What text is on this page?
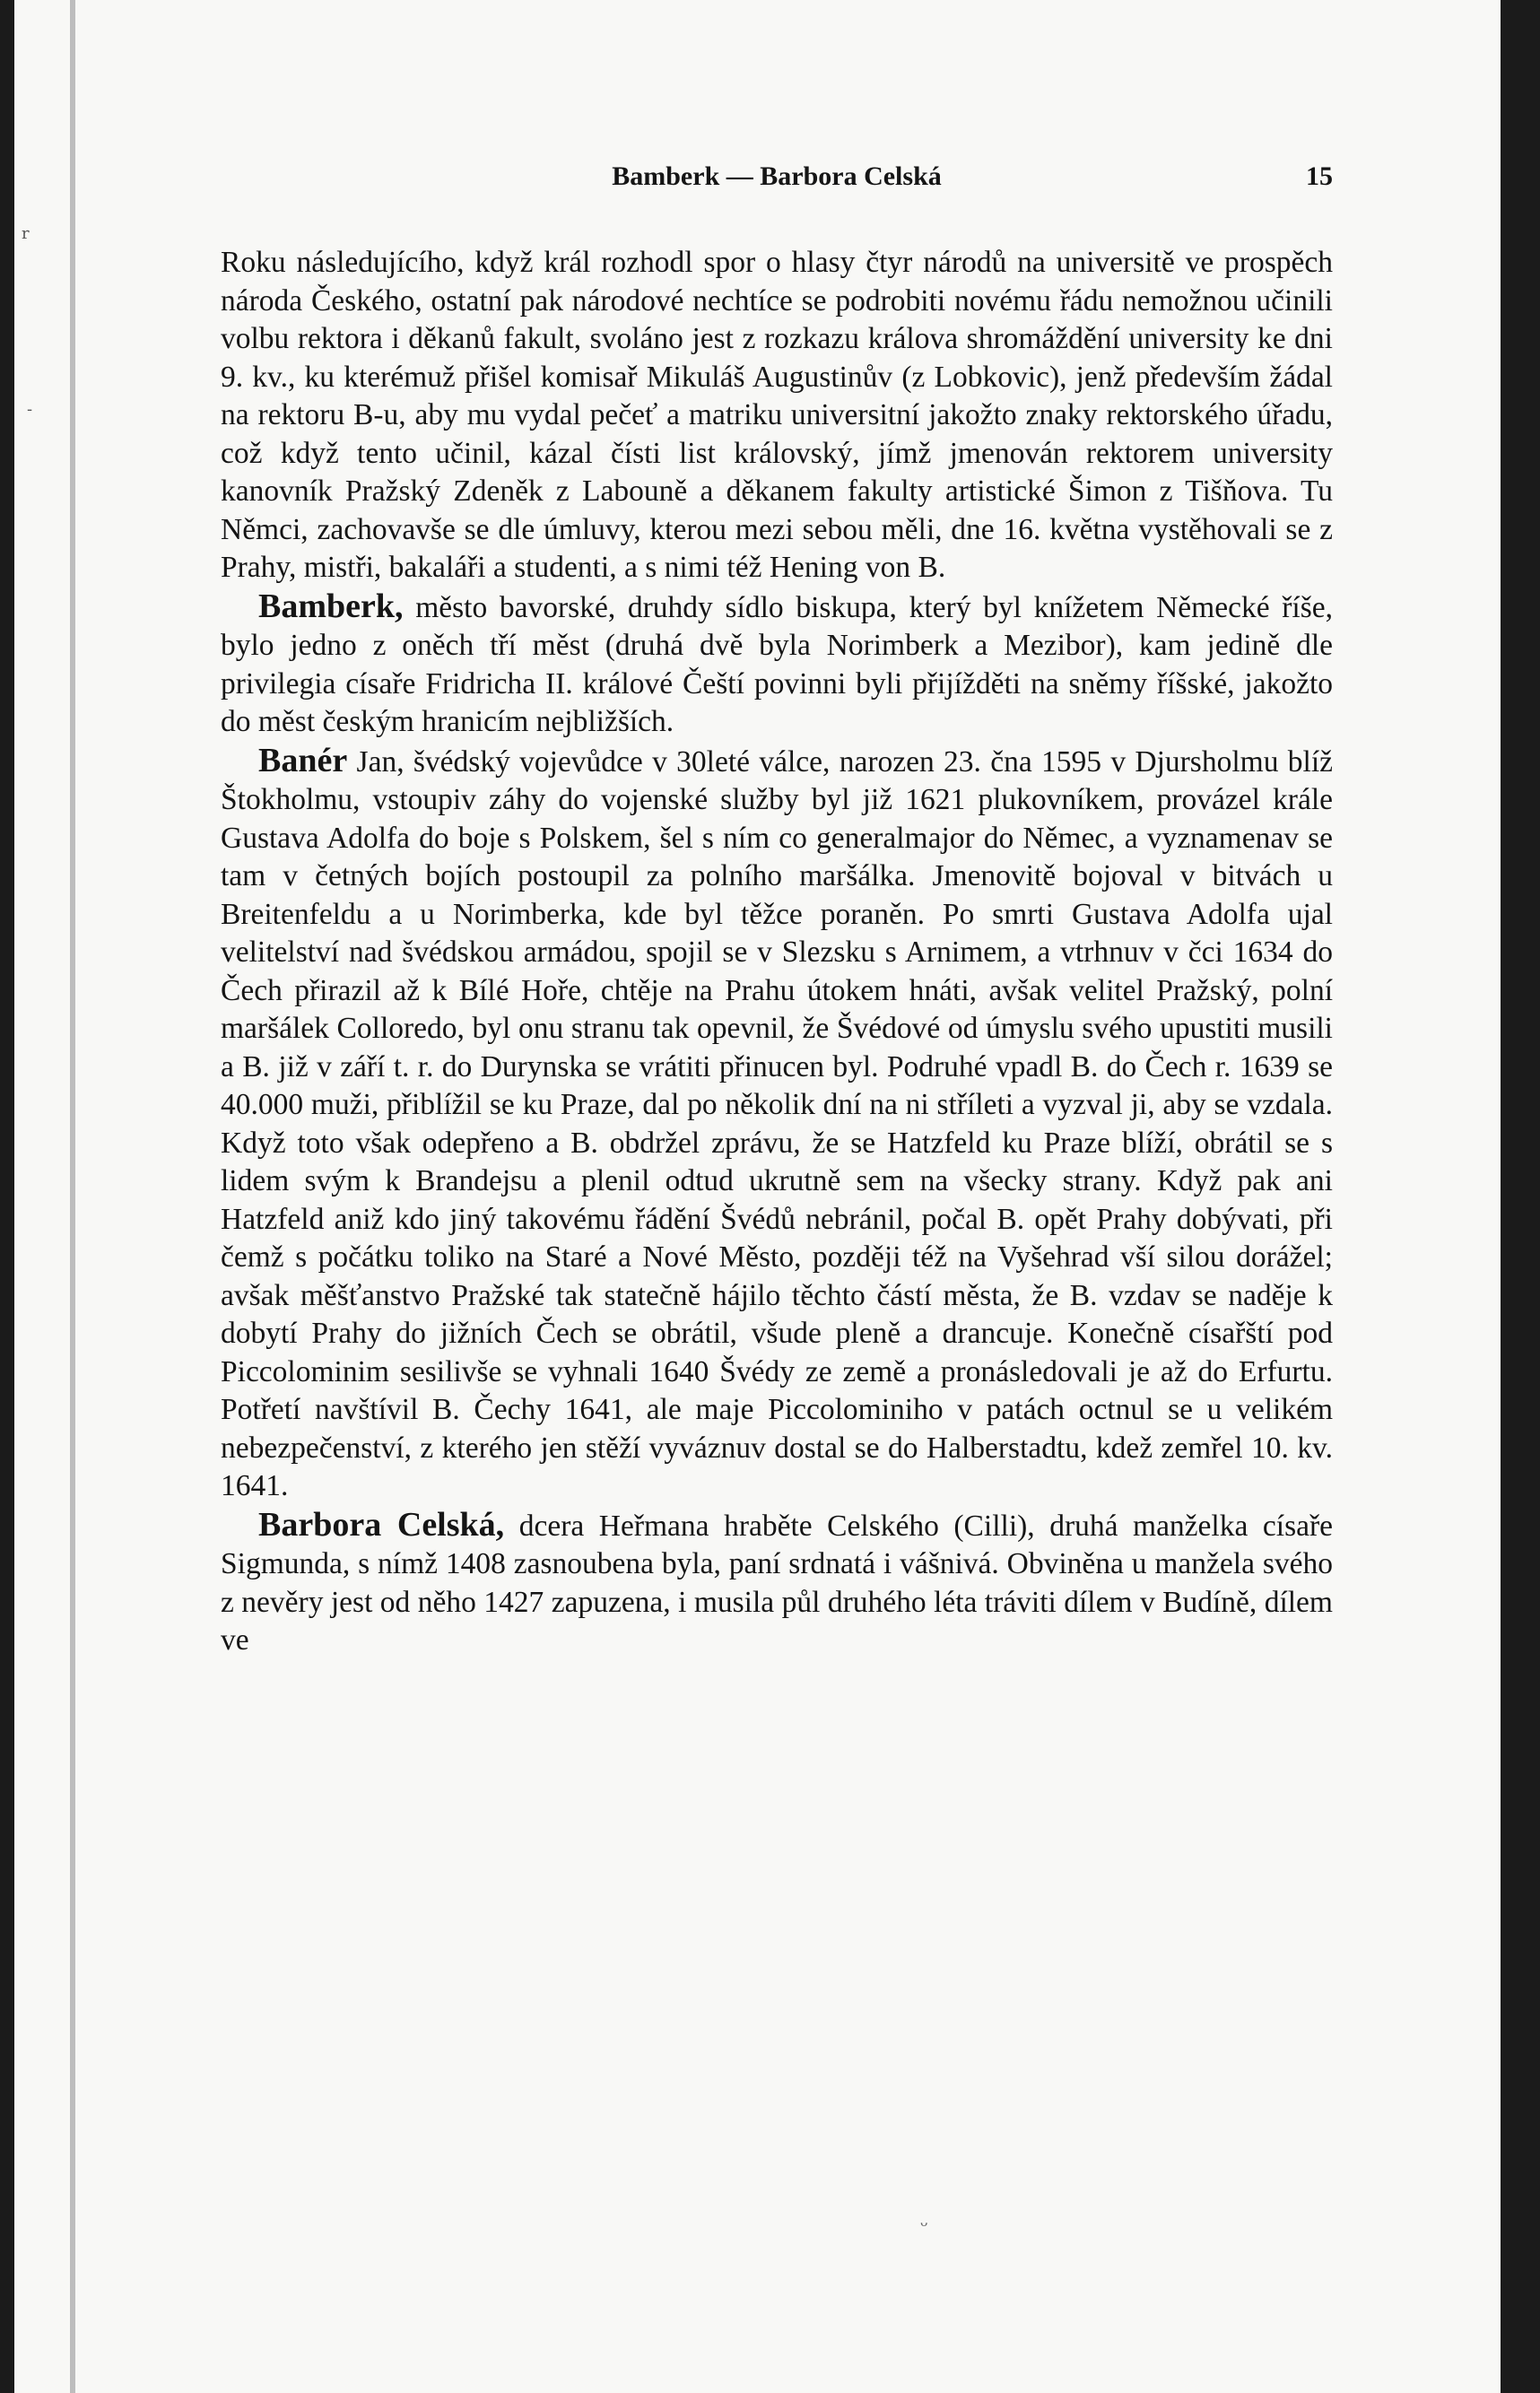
r
-
ᴗ
Bamberk — Barbora Celská	15

Roku následujícího, když král rozhodl spor o hlasy čtyr národů na universitě ve prospěch národa Českého, ostatní pak národové nechtíce se podrobiti novému řádu nemožnou učinili volbu rektora i děkanů fakult, svoláno jest z rozkazu králova shromáždění university ke dni 9. kv., ku kterémuž přišel komisař Mikuláš Augustinův (z Lobkovic), jenž především žádal na rektoru B-u, aby mu vydal pečeť a matriku universitní jakožto znaky rektorského úřadu, což když tento učinil, kázal čísti list královský, jímž jmenován rektorem university kanovník Pražský Zdeněk z Labouně a děkanem fakulty artistické Šimon z Tišňova. Tu Němci, zachovavše se dle úmluvy, kterou mezi sebou měli, dne 16. května vystěhovali se z Prahy, mistři, bakaláři a studenti, a s nimi též Hening von B.

Bamberk, město bavorské, druhdy sídlo biskupa, který byl knížetem Německé říše, bylo jedno z oněch tří měst (druhá dvě byla Norimberk a Mezibor), kam jedině dle privilegia císaře Fridricha II. králové Čeští povinni byli přijížděti na sněmy říšské, jakožto do měst českým hranicím nejbližších.

Banér Jan, švédský vojevůdce v 30leté válce, narozen 23. čna 1595 v Djursholmu blíž Štokholmu, vstoupiv záhy do vojenské služby byl již 1621 plukovníkem, provázel krále Gustava Adolfa do boje s Polskem, šel s ním co generalmajor do Němec, a vyznamenav se tam v četných bojích postoupil za polního maršálka. Jmenovitě bojoval v bitvách u Breitenfeldu a u Norimberka, kde byl těžce poraněn. Po smrti Gustava Adolfa ujal velitelství nad švédskou armádou, spojil se v Slezsku s Arnimem, a vtrhnuv v čci 1634 do Čech přirazil až k Bílé Hoře, chtěje na Prahu útokem hnáti, avšak velitel Pražský, polní maršálek Colloredo, byl onu stranu tak opevnil, že Švédové od úmyslu svého upustiti musili a B. již v září t. r. do Durynska se vrátiti přinucen byl. Podruhé vpadl B. do Čech r. 1639 se 40.000 muži, přiblížil se ku Praze, dal po několik dní na ni stříleti a vyzval ji, aby se vzdala. Když toto však odepřeno a B. obdržel zprávu, že se Hatzfeld ku Praze blíží, obrátil se s lidem svým k Brandejsu a plenil odtud ukrutně sem na všecky strany. Když pak ani Hatzfeld aniž kdo jiný takovému řádění Švédů nebránil, počal B. opět Prahy dobývati, při čemž s počátku toliko na Staré a Nové Město, později též na Vyšehrad vší silou dorážel; avšak měšťanstvo Pražské tak statečně hájilo těchto částí města, že B. vzdav se naděje k dobytí Prahy do jižních Čech se obrátil, všude pleně a drancuje. Konečně císařští pod Piccolominim sesilivše se vyhnali 1640 Švédy ze země a pronásledovali je až do Erfurtu. Potřetí navštívil B. Čechy 1641, ale maje Piccolominiho v patách octnul se u velikém nebezpečenství, z kterého jen stěží vyváznuv dostal se do Halberstadtu, kdež zemřel 10. kv. 1641.

Barbora Celská, dcera Heřmana hraběte Celského (Cilli), druhá manželka císaře Sigmunda, s nímž 1408 zasnoubena byla, paní srdnatá i vášnivá. Obviněna u manžela svého z nevěry jest od něho 1427 zapuzena, i musila půl druhého léta tráviti dílem v Budíně, dílem ve
